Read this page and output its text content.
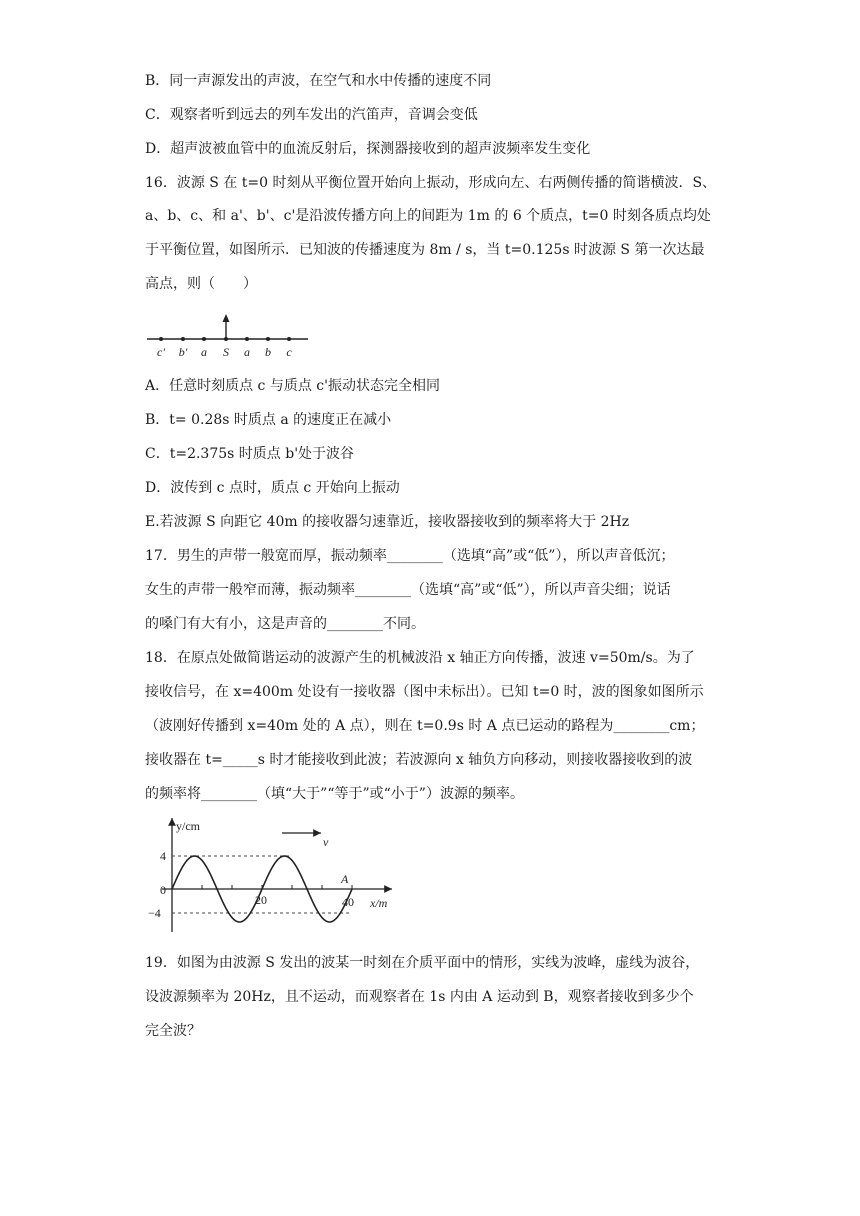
B．同一声源发出的声波，在空气和水中传播的速度不同
C．观察者听到远去的列车发出的汽笛声，音调会变低
D．超声波被血管中的血流反射后，探测器接收到的超声波频率发生变化
16．波源 S 在 t=0 时刻从平衡位置开始向上振动，形成向左、右两侧传播的简谐横波．S、
a、b、c、和 a'、b'、c'是沿波传播方向上的间距为 1m 的 6 个质点，t=0 时刻各质点均处
于平衡位置，如图所示．已知波的传播速度为 8m / s，当 t=0.125s 时波源 S 第一次达最
高点，则（　　）
c' b' a S a b c
A．任意时刻质点 c 与质点 c'振动状态完全相同
B．t= 0.28s 时质点 a 的速度正在减小
C．t=2.375s 时质点 b'处于波谷
D．波传到 c 点时，质点 c 开始向上振动
E.若波源 S 向距它 40m 的接收器匀速靠近，接收器接收到的频率将大于 2Hz
17．男生的声带一般宽而厚，振动频率________（选填“高”或“低”），所以声音低沉；
女生的声带一般窄而薄，振动频率________（选填“高”或“低”），所以声音尖细；说话
的嗓门有大有小，这是声音的________不同。
18．在原点处做简谐运动的波源产生的机械波沿 x 轴正方向传播，波速 v=50m/s。为了
接收信号，在 x=400m 处设有一接收器（图中未标出）。已知 t=0 时，波的图象如图所示
（波刚好传播到 x=40m 处的 A 点），则在 t=0.9s 时 A 点已运动的路程为________cm；
接收器在 t=_____s 时才能接收到此波；若波源向 x 轴负方向移动，则接收器接收到的波
的频率将________（填“大于”“等于”或“小于”）波源的频率。
y/cm
x/m
v
A
4
0
−4
20	40
19．如图为由波源 S 发出的波某一时刻在介质平面中的情形，实线为波峰，虚线为波谷，
设波源频率为 20Hz，且不运动，而观察者在 1s 内由 A 运动到 B，观察者接收到多少个
完全波？
